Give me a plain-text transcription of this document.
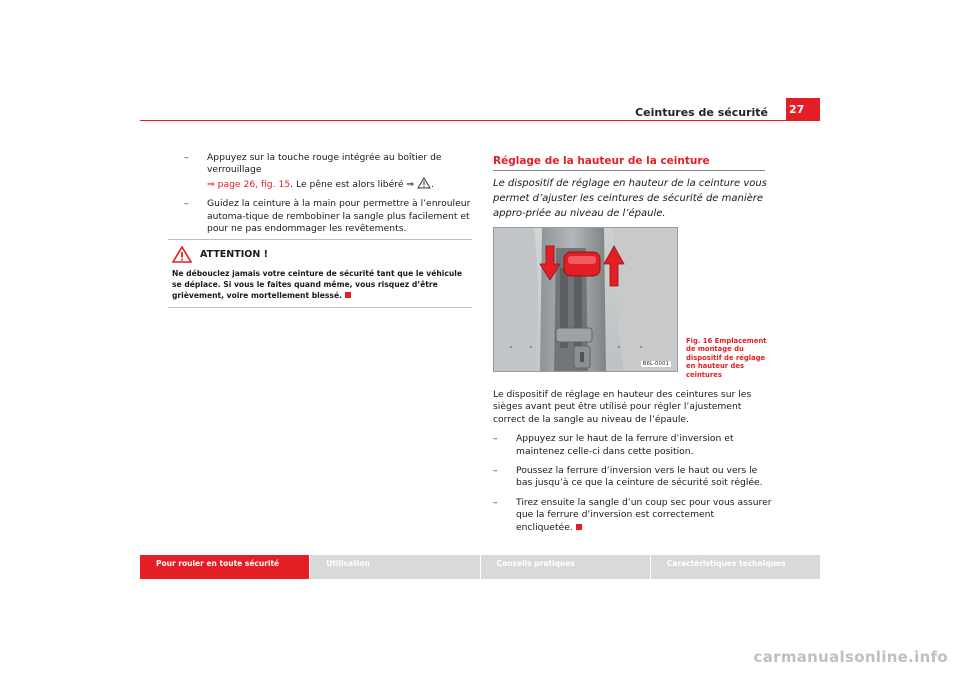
Ceintures de sécurité 27
– Appuyez sur la touche rouge intégrée au boîtier de verrouillage
⇒ page 26, fig. 15. Le pêne est alors libéré ⇒ .
– Guidez la ceinture à la main pour permettre à l’enrouleur automa-tique de rembobiner la sangle plus facilement et pour ne pas endommager les revêtements.
ATTENTION !
Ne débouclez jamais votre ceinture de sécurité tant que le véhicule se déplace. Si vous le faites quand même, vous risquez d’être grièvement, voire mortellement blessé.
Réglage de la hauteur de la ceinture
Le dispositif de réglage en hauteur de la ceinture vous permet d’ajuster les ceintures de sécurité de manière appro-priée au niveau de l’épaule.
B6L-0001
Fig. 16 Emplacement de montage du dispositif de réglage en hauteur des ceintures

Le dispositif de réglage en hauteur des ceintures sur les sièges avant peut être utilisé pour régler l’ajustement correct de la sangle au niveau de l’épaule.

– Appuyez sur le haut de la ferrure d’inversion et maintenez celle-ci dans cette position.
– Poussez la ferrure d’inversion vers le haut ou vers le bas jusqu’à ce que la ceinture de sécurité soit réglée.
– Tirez ensuite la sangle d’un coup sec pour vous assurer que la ferrure d’inversion est correctement encliquetée.
Pour rouler en toute sécurité	Utilisation	Conseils pratiques	Caractéristiques techniques
carmanualsonline.info
